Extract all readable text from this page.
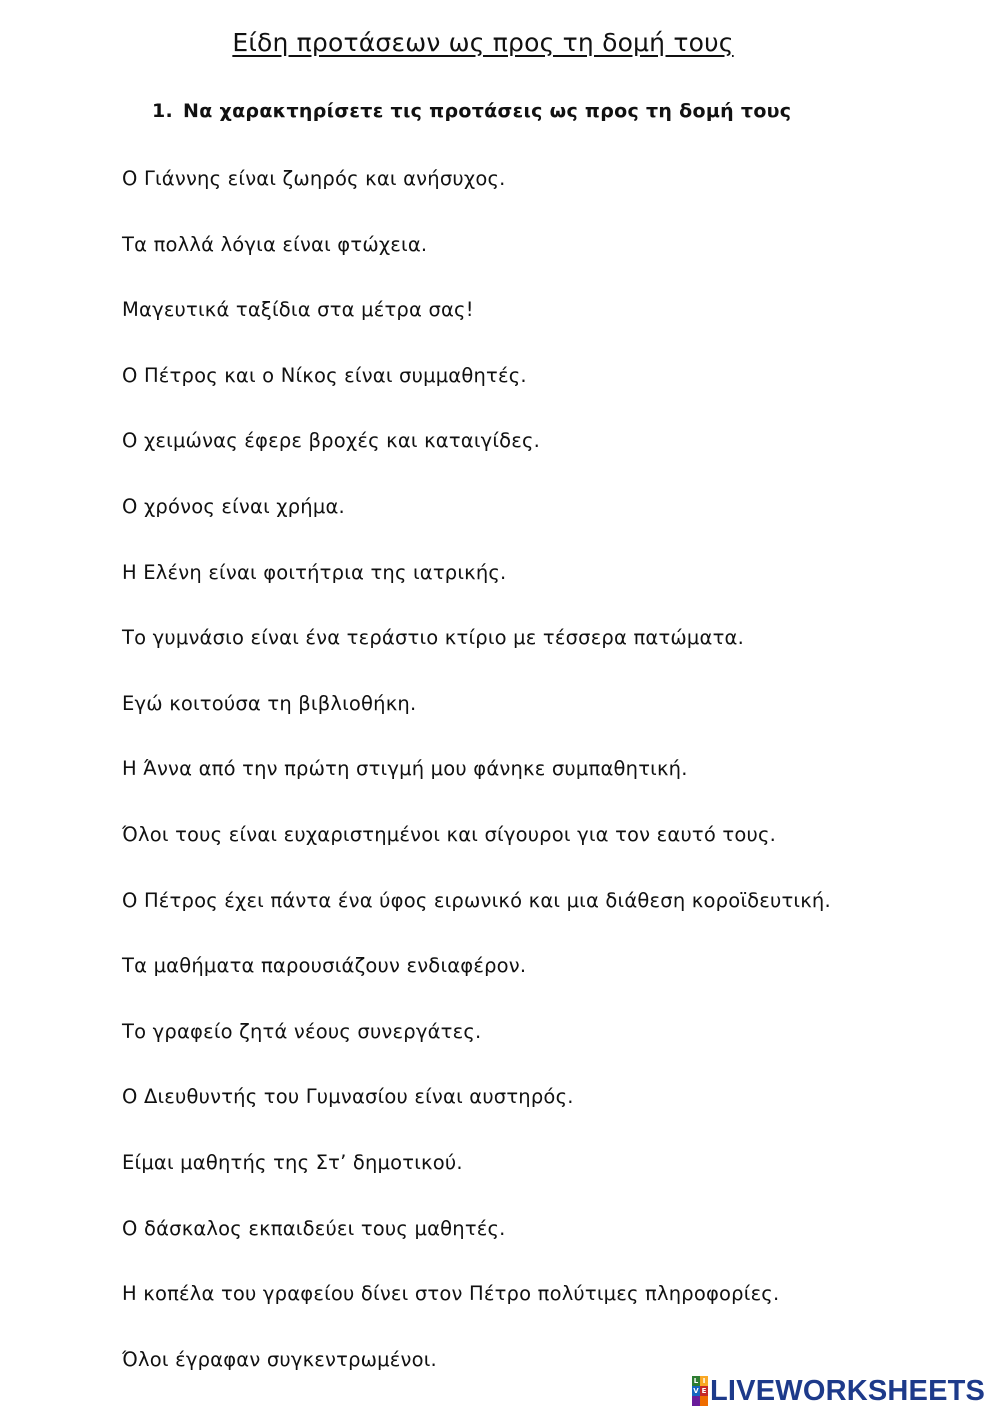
Είδη προτάσεων ως προς τη δομή τους
1. Να χαρακτηρίσετε τις προτάσεις ως προς τη δομή τους
Ο Γιάννης είναι ζωηρός και ανήσυχος.
Τα πολλά λόγια είναι φτώχεια.
Μαγευτικά ταξίδια στα μέτρα σας!
Ο Πέτρος και ο Νίκος είναι συμμαθητές.
Ο χειμώνας έφερε βροχές και καταιγίδες.
Ο χρόνος είναι χρήμα.
Η Ελένη είναι φοιτήτρια της ιατρικής.
Το γυμνάσιο είναι ένα τεράστιο κτίριο με τέσσερα πατώματα.
Εγώ κοιτούσα τη βιβλιοθήκη.
Η Άννα από την πρώτη στιγμή μου φάνηκε συμπαθητική.
Όλοι τους είναι ευχαριστημένοι και σίγουροι για τον εαυτό τους.
Ο Πέτρος έχει πάντα ένα ύφος ειρωνικό και μια διάθεση κοροϊδευτική.
Τα μαθήματα παρουσιάζουν ενδιαφέρον.
Το γραφείο ζητά νέους συνεργάτες.
Ο Διευθυντής του Γυμνασίου είναι αυστηρός.
Είμαι μαθητής της Στ’ δημοτικού.
Ο δάσκαλος εκπαιδεύει τους μαθητές.
Η κοπέλα του γραφείου δίνει στον Πέτρο πολύτιμες πληροφορίες.
Όλοι έγραφαν συγκεντρωμένοι.
L I
V E LIVEWORKSHEETS
